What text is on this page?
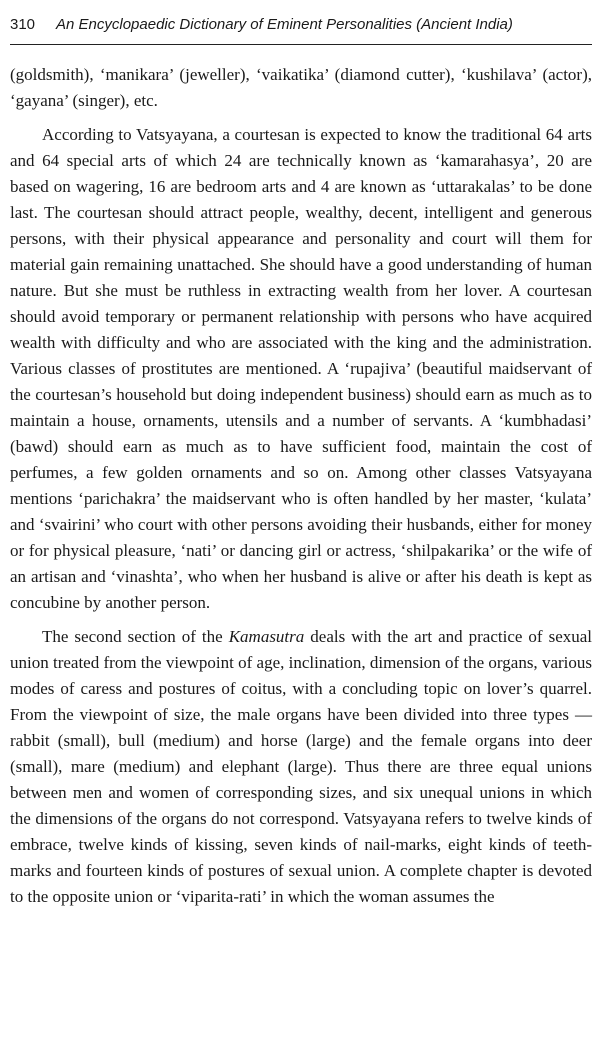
310 An Encyclopaedic Dictionary of Eminent Personalities (Ancient India)

(goldsmith), ‘manikara’ (jeweller), ‘vaikatika’ (diamond cutter), ‘kushilava’ (actor), ‘gayana’ (singer), etc.

According to Vatsyayana, a courtesan is expected to know the traditional 64 arts and 64 special arts of which 24 are technically known as ‘kamarahasya’, 20 are based on wagering, 16 are bedroom arts and 4 are known as ‘uttarakalas’ to be done last. The courtesan should attract people, wealthy, decent, intelligent and generous persons, with their physical appearance and personality and court will them for material gain remaining unattached. She should have a good understanding of human nature. But she must be ruthless in extracting wealth from her lover. A courtesan should avoid temporary or permanent relationship with persons who have acquired wealth with difficulty and who are associated with the king and the administration. Various classes of prostitutes are mentioned. A ‘rupajiva’ (beautiful maidservant of the courtesan’s household but doing independent business) should earn as much as to maintain a house, ornaments, utensils and a number of servants. A ‘kumbhadasi’ (bawd) should earn as much as to have sufficient food, maintain the cost of perfumes, a few golden ornaments and so on. Among other classes Vatsyayana mentions ‘parichakra’ the maidservant who is often handled by her master, ‘kulata’ and ‘svairini’ who court with other persons avoiding their husbands, either for money or for physical pleasure, ‘nati’ or dancing girl or actress, ‘shilpakarika’ or the wife of an artisan and ‘vinashta’, who when her husband is alive or after his death is kept as concubine by another person.

The second section of the Kamasutra deals with the art and practice of sexual union treated from the viewpoint of age, inclination, dimension of the organs, various modes of caress and postures of coitus, with a concluding topic on lover’s quarrel. From the viewpoint of size, the male organs have been divided into three types — rabbit (small), bull (medium) and horse (large) and the female organs into deer (small), mare (medium) and elephant (large). Thus there are three equal unions between men and women of corresponding sizes, and six unequal unions in which the dimensions of the organs do not correspond. Vatsyayana refers to twelve kinds of embrace, twelve kinds of kissing, seven kinds of nail-marks, eight kinds of teeth-marks and fourteen kinds of postures of sexual union. A complete chapter is devoted to the opposite union or ‘viparita-rati’ in which the woman assumes the
